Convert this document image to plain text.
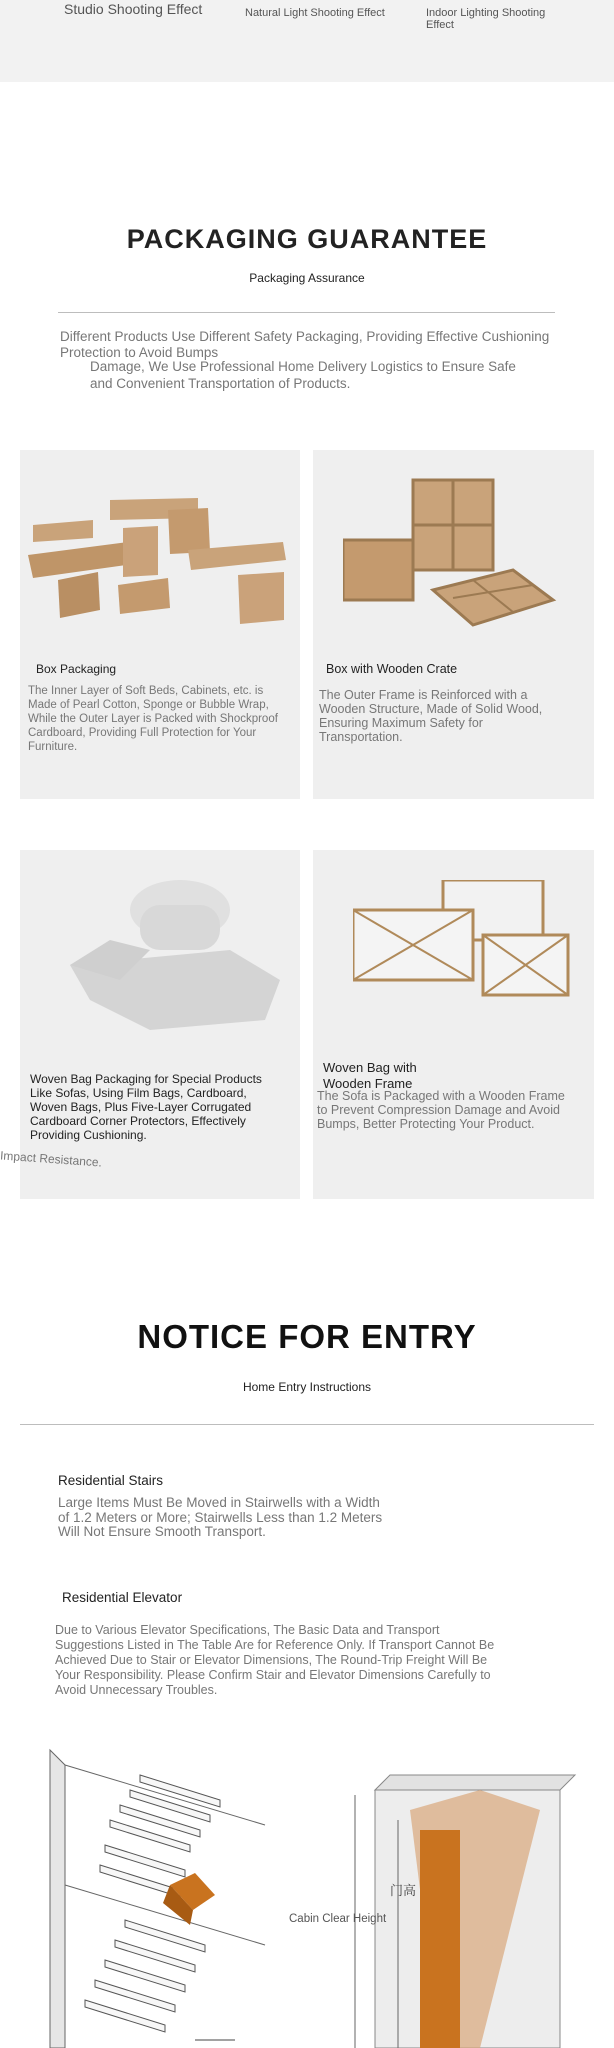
Studio Shooting Effect	Natural Light Shooting Effect	Indoor Lighting Shooting Effect
PACKAGING GUARANTEE
Packaging Assurance
Different Products Use Different Safety Packaging, Providing Effective Cushioning Protection to Avoid Bumps
Damage, We Use Professional Home Delivery Logistics to Ensure Safe and Convenient Transportation of Products.
Box Packaging
The Inner Layer of Soft Beds, Cabinets, etc. is Made of Pearl Cotton, Sponge or Bubble Wrap, While the Outer Layer is Packed with Shockproof Cardboard, Providing Full Protection for Your Furniture.
Box with Wooden Crate
The Outer Frame is Reinforced with a Wooden Structure, Made of Solid Wood, Ensuring Maximum Safety for Transportation.
Woven Bag Packaging for Special Products Like Sofas, Using Film Bags, Cardboard, Woven Bags, Plus Five-Layer Corrugated Cardboard Corner Protectors, Effectively Providing Cushioning.
Impact Resistance.
Woven Bag with Wooden Frame
The Sofa is Packaged with a Wooden Frame to Prevent Compression Damage and Avoid Bumps, Better Protecting Your Product.
NOTICE FOR ENTRY
Home Entry Instructions
Residential Stairs
Large Items Must Be Moved in Stairwells with a Width of 1.2 Meters or More; Stairwells Less than 1.2 Meters Will Not Ensure Smooth Transport.
Residential Elevator
Due to Various Elevator Specifications, The Basic Data and Transport Suggestions Listed in The Table Are for Reference Only. If Transport Cannot Be Achieved Due to Stair or Elevator Dimensions, The Round-Trip Freight Will Be Your Responsibility. Please Confirm Stair and Elevator Dimensions Carefully to Avoid Unnecessary Troubles.
Cabin Clear Height
门高
